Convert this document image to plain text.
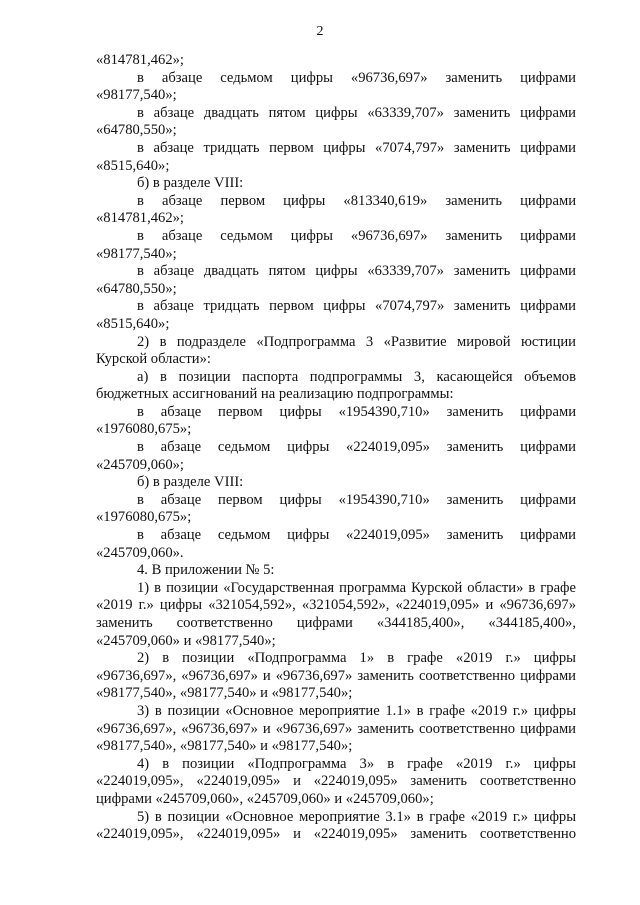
2
«814781,462»;
в абзаце седьмом цифры «96736,697» заменить цифрами
«98177,540»;
в абзаце двадцать пятом цифры «63339,707» заменить цифрами
«64780,550»;
в абзаце тридцать первом цифры «7074,797» заменить цифрами
«8515,640»;
б) в разделе VIII:
в абзаце первом цифры «813340,619» заменить цифрами
«814781,462»;
в абзаце седьмом цифры «96736,697» заменить цифрами
«98177,540»;
в абзаце двадцать пятом цифры «63339,707» заменить цифрами
«64780,550»;
в абзаце тридцать первом цифры «7074,797» заменить цифрами
«8515,640»;
2) в подразделе «Подпрограмма 3 «Развитие мировой юстиции
Курской области»:
а) в позиции паспорта подпрограммы 3, касающейся объемов
бюджетных ассигнований на реализацию подпрограммы:
в абзаце первом цифры «1954390,710» заменить цифрами
«1976080,675»;
в абзаце седьмом цифры «224019,095» заменить цифрами
«245709,060»;
б) в разделе VIII:
в абзаце первом цифры «1954390,710» заменить цифрами
«1976080,675»;
в абзаце седьмом цифры «224019,095» заменить цифрами
«245709,060».
4. В приложении № 5:
1) в позиции «Государственная программа Курской области» в графе
«2019 г.» цифры «321054,592», «321054,592», «224019,095» и «96736,697»
заменить соответственно цифрами «344185,400», «344185,400»,
«245709,060» и «98177,540»;
2) в позиции «Подпрограмма 1» в графе «2019 г.» цифры
«96736,697», «96736,697» и «96736,697» заменить соответственно цифрами
«98177,540», «98177,540» и «98177,540»;
3) в позиции «Основное мероприятие 1.1» в графе «2019 г.» цифры
«96736,697», «96736,697» и «96736,697» заменить соответственно цифрами
«98177,540», «98177,540» и «98177,540»;
4) в позиции «Подпрограмма 3» в графе «2019 г.» цифры
«224019,095», «224019,095» и «224019,095» заменить соответственно
цифрами «245709,060», «245709,060» и «245709,060»;
5) в позиции «Основное мероприятие 3.1» в графе «2019 г.» цифры
«224019,095», «224019,095» и «224019,095» заменить соответственно
